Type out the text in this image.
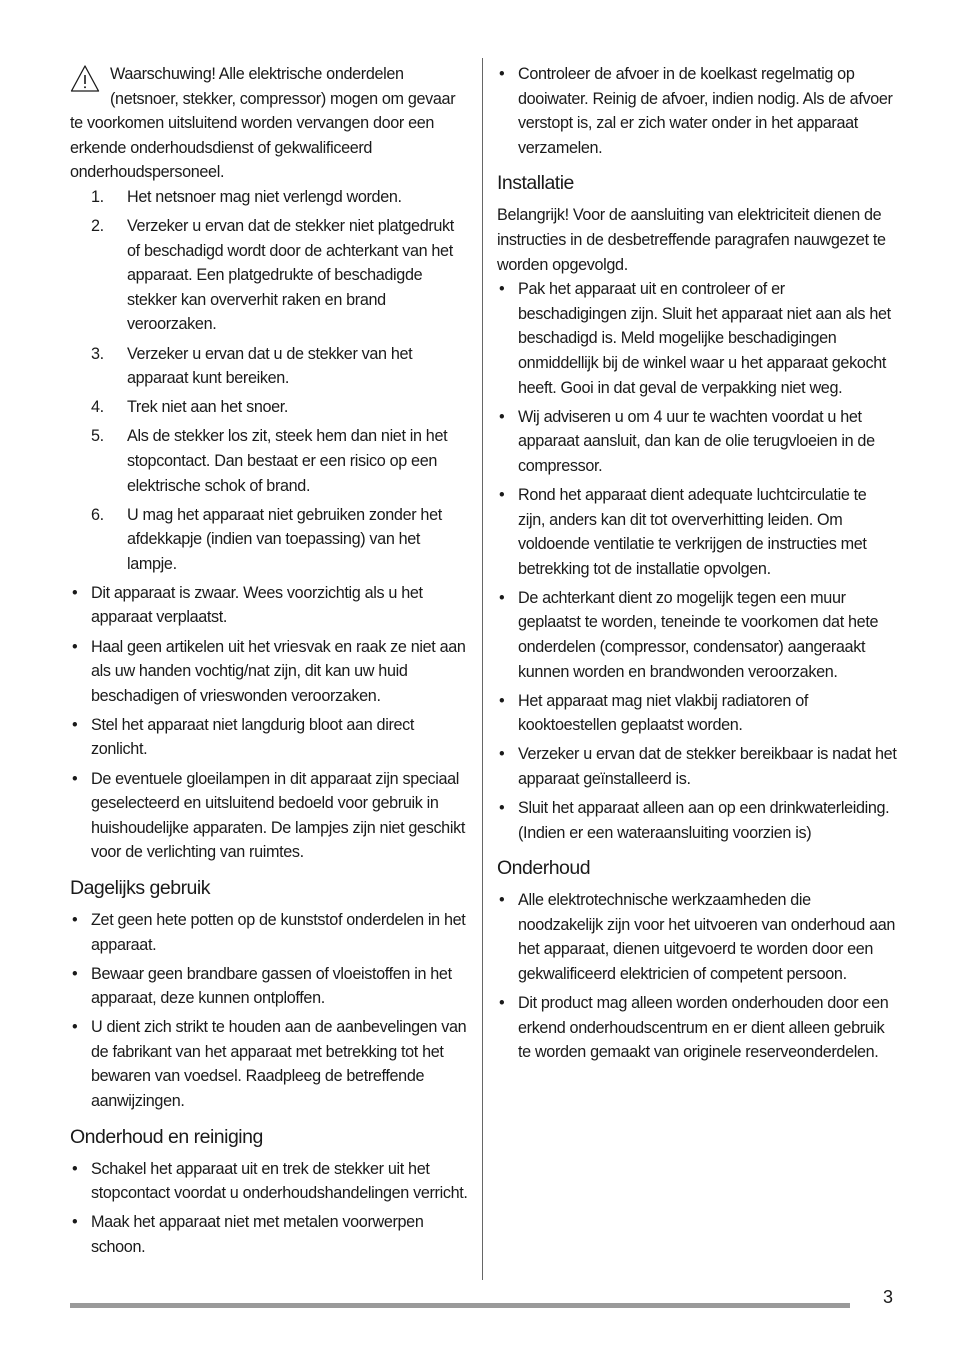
Waarschuwing! Alle elektrische onderdelen (netsnoer, stekker, compressor) mogen om gevaar te voorkomen uitsluitend worden vervangen door een erkende onderhoudsdienst of gekwalificeerd onderhoudspersoneel.

1. Het netsnoer mag niet verlengd worden.
2. Verzeker u ervan dat de stekker niet platgedrukt of beschadigd wordt door de achterkant van het apparaat. Een platgedrukte of beschadigde stekker kan oververhit raken en brand veroorzaken.
3. Verzeker u ervan dat u de stekker van het apparaat kunt bereiken.
4. Trek niet aan het snoer.
5. Als de stekker los zit, steek hem dan niet in het stopcontact. Dan bestaat er een risico op een elektrische schok of brand.
6. U mag het apparaat niet gebruiken zonder het afdekkapje (indien van toepassing) van het lampje.
• Dit apparaat is zwaar. Wees voorzichtig als u het apparaat verplaatst.
• Haal geen artikelen uit het vriesvak en raak ze niet aan als uw handen vochtig/nat zijn, dit kan uw huid beschadigen of vrieswonden veroorzaken.
• Stel het apparaat niet langdurig bloot aan direct zonlicht.
• De eventuele gloeilampen in dit apparaat zijn speciaal geselecteerd en uitsluitend bedoeld voor gebruik in huishoudelijke apparaten. De lampjes zijn niet geschikt voor de verlichting van ruimtes.
Dagelijks gebruik
• Zet geen hete potten op de kunststof onderdelen in het apparaat.
• Bewaar geen brandbare gassen of vloeistoffen in het apparaat, deze kunnen ontploffen.
• U dient zich strikt te houden aan de aanbevelingen van de fabrikant van het apparaat met betrekking tot het bewaren van voedsel. Raadpleeg de betreffende aanwijzingen.
Onderhoud en reiniging
• Schakel het apparaat uit en trek de stekker uit het stopcontact voordat u onderhoudshandelingen verricht.
• Maak het apparaat niet met metalen voorwerpen schoon.
• Controleer de afvoer in de koelkast regelmatig op dooiwater. Reinig de afvoer, indien nodig. Als de afvoer verstopt is, zal er zich water onder in het apparaat verzamelen.
Installatie

Belangrijk! Voor de aansluiting van elektriciteit dienen de instructies in de desbetreffende paragrafen nauwgezet te worden opgevolgd.

• Pak het apparaat uit en controleer of er beschadigingen zijn. Sluit het apparaat niet aan als het beschadigd is. Meld mogelijke beschadigingen onmiddellijk bij de winkel waar u het apparaat gekocht heeft. Gooi in dat geval de verpakking niet weg.
• Wij adviseren u om 4 uur te wachten voordat u het apparaat aansluit, dan kan de olie terugvloeien in de compressor.
• Rond het apparaat dient adequate luchtcirculatie te zijn, anders kan dit tot oververhitting leiden. Om voldoende ventilatie te verkrijgen de instructies met betrekking tot de installatie opvolgen.
• De achterkant dient zo mogelijk tegen een muur geplaatst te worden, teneinde te voorkomen dat hete onderdelen (compressor, condensator) aangeraakt kunnen worden en brandwonden veroorzaken.
• Het apparaat mag niet vlakbij radiatoren of kooktoestellen geplaatst worden.
• Verzeker u ervan dat de stekker bereikbaar is nadat het apparaat geïnstalleerd is.
• Sluit het apparaat alleen aan op een drinkwaterleiding. (Indien er een wateraansluiting voorzien is)
Onderhoud
• Alle elektrotechnische werkzaamheden die noodzakelijk zijn voor het uitvoeren van onderhoud aan het apparaat, dienen uitgevoerd te worden door een gekwalificeerd elektricien of competent persoon.
• Dit product mag alleen worden onderhouden door een erkend onderhoudscentrum en er dient alleen gebruik te worden gemaakt van originele reserveonderdelen.
3
